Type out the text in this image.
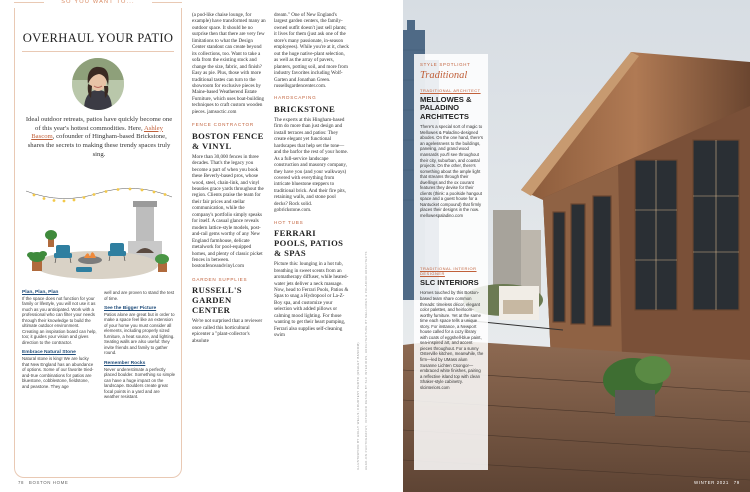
SO YOU WANT TO...
OVERHAUL YOUR PATIO
Ideal outdoor retreats, patios have quickly become one of this year's hottest commodities. Here, Ashley Bascom, cofounder of Hingham-based Brickstone, shares the secrets to making these trendy spaces truly sing.
Plan, Plan, Plan
If the space does not function for your family or lifestyle, you will not use it as much as you anticipated. Work with a professional who can filter your needs through their knowledge to build the ultimate outdoor environment. Creating an inspiration board can help, too; it guides your vision and gives direction to the contractor.
Embrace Natural Stone
Natural stone is king! We are lucky that New England has an abundance of options. Some of our favorite tried-and-true combinations for patios are bluestone, cobblestone, fieldstone, and peastone. They age
well and are proven to stand the test of time.
See the Bigger Picture
Patios alone are great but in order to make a space feel like an extension of your home you must consider all elements, including properly sized furniture, a heat source, and lighting. Seating walls are also useful: they invite friends and family to gather round.
Remember Rocks
Never underestimate a perfectly placed boulder. Something so simple can have a huge impact on the landscape. Boulders create great focal points in a yard and are weather resistant.
(a pod-like chaise lounge, for example) have transformed many an outdoor space. It should be no surprise then that there are very few limitations to what the Design Center standout can create beyond its collections, too. Want to take a sofa from the existing stock and change the size, fabric, and finish? Easy as pie. Plus, those with more traditional tastes can turn to the showroom for exclusive pieces by Maine-based Weatherend Estate Furniture, which uses boat-building techniques to craft custom wooden pieces. jamsoctic.com
FENCE CONTRACTOR
BOSTON FENCE & VINYL
More than 30,000 fences in three decades. That's the legacy you become a part of when you book these Beverly-based pros, whose wood, steel, chain-link, and vinyl beauties grace yards throughout the region. Clients praise the team for their fair prices and stellar communication, while the company's portfolio simply speaks for itself. A casual glance reveals modern lattice-style models, post-and-rail gems worthy of any New England farmhouse, delicate metalwork for pool-equipped homes, and plenty of classic picket fences in between. bostonfenceandvinyl.com
GARDEN SUPPLIES
RUSSELL'S GARDEN CENTER
We're not surprised that a reviewer once called this horticultural epicenter a "plant-collector's absolute
dream." One of New England's largest garden centers, the family-owned outfit doesn't just sell plants; it lives for them (just ask one of the store's many passionate, in-season employees). While you're at it, check out the huge native-plant selection, as well as the array of pavers, planters, potting soil, and more from industry favorites including Wolf-Garten and Jonathan Green. russellsgardencenter.com.
HARDSCAPING
BRICKSTONE
The experts at this Hingham-based firm do more than just design and install terraces and patios: They create elegant yet functional hardscapes that help set the tone—and the barfor the rest of your home. As a full-service landscape construction and masonry company, they have you (and your walkways) covered with everything from intricate bluestone steppers to traditional brick. And their fire pits, retaining walls, and stone pool decks? Rock solid. gobrickstone.com.
HOT TUBS
FERRARI POOLS, PATIOS & SPAS
Picture this: lounging in a hot tub, breathing in sweet scents from an aromatherapy diffuser, while heated-water jets deliver a neck massage. Now, head to Ferrari Pools, Patios & Spas to snag a Hydropool or La-Z-Boy spa, and customize your selection with added pillows or calming mood lighting. For those wanting to get their heart pumping, Ferrari also supplies self-cleaning swim
ILLUSTRATION BY HOLLY WELLS; COURTESY PHOTO (ASHLEY BASCOM) HEAD-ON PHOTOGRAPHY, INTERIOR DESIGN BY SLC INTERIORS, ARCHITECTURE BY MELLOWES & PALADINO ARCHITECTS
78 BOSTON HOME
STYLE SPOTLIGHT
Traditional
TRADITIONAL ARCHITECT
MELLOWES & PALADINO ARCHITECTS
There's a special sort of magic to Mellowes & Paladino-designed abodes. On the one hand, there's an agelessness to the buildings, paneling, and grand wood mansards you'll see throughout their city, suburban, and coastal projects. On the other, there's something about the ample light that streams through their dwellings and the ox courant features they devise for their clients (think: a poolside hangout space and a guest house for a Nantucket compound) that firmly places their designs in the now. mellowespaladino.com
TRADITIONAL INTERIOR DESIGNER
SLC INTERIORS
Homes touched by this Boston-based team share common threads: timeless décor, elegant color palettes, and heirloom-worthy furniture. Yet at the same time each space tells a unique story. For instance, a Newport house called for a cozy library with coats of eggshell-blue paint, sea-inspired art, and accent pieces throughout. For a sunny Osterville kitchen, meanwhile, the firm—led by UMass alum Susanne Lichten Csongor—embraced white finishes, pairing a reflective island top with clean Shaker-style cabinetry. slcinteriors.com
WINTER 2021 79
